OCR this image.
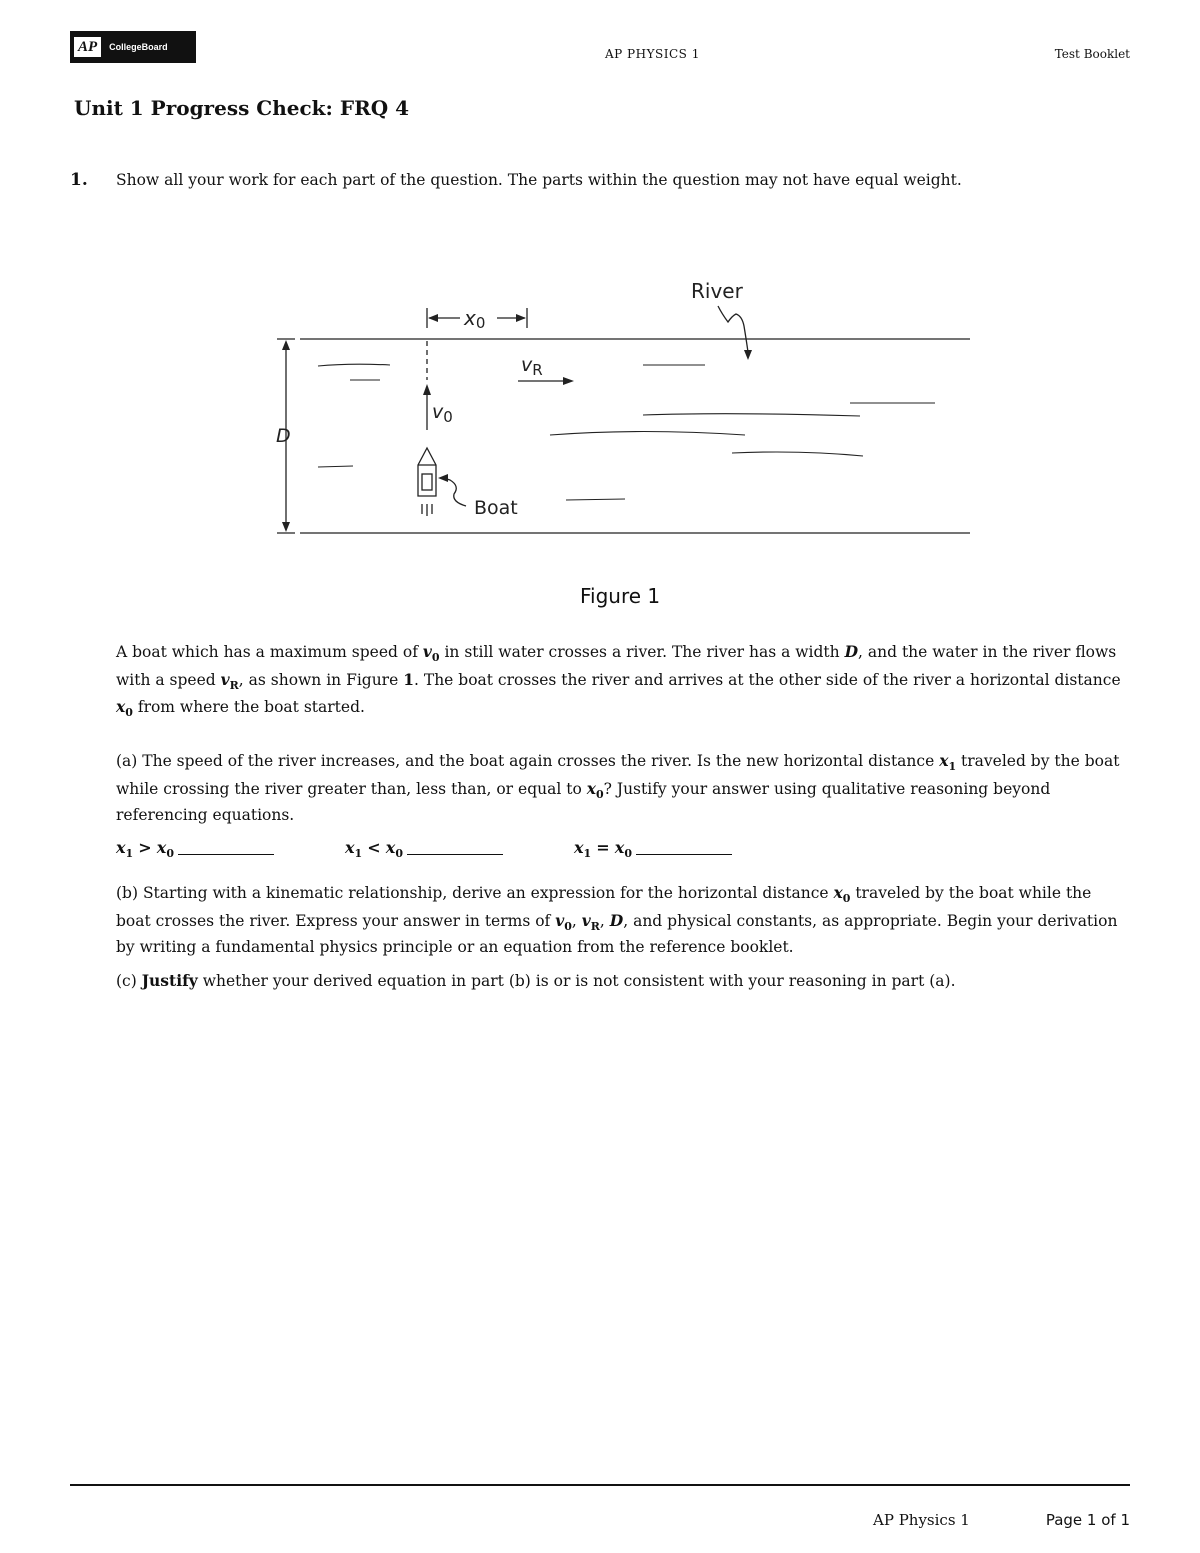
AP	CollegeBoard	AP PHYSICS 1	Test Booklet
Unit 1 Progress Check: FRQ 4
1. Show all your work for each part of the question. The parts within the question may not have equal weight.
River
x0
$v_R$
$v_0$
D
Boat
Figure 1

A boat which has a maximum speed of $v_0$ in still water crosses a river. The river has a width D, and the water in the river flows with a speed $v_R$, as shown in Figure 1. The boat crosses the river and arrives at the other side of the river a horizontal distance $x_0$ from where the boat started.

(a) The speed of the river increases, and the boat again crosses the river. Is the new horizontal distance $x_1$ traveled by the boat while crossing the river greater than, less than, or equal to $x_0$? Justify your answer using qualitative reasoning beyond referencing equations.

$x_1 > x_0$	$x_1 < x_0$	$x_1 = x_0$

(b) Starting with a kinematic relationship, derive an expression for the horizontal distance $x_0$ traveled by the boat while the boat crosses the river. Express your answer in terms of $v_0$, $v_R$, D, and physical constants, as appropriate. Begin your derivation by writing a fundamental physics principle or an equation from the reference booklet.

(c) Justify whether your derived equation in part (b) is or is not consistent with your reasoning in part (a).

AP Physics 1	Page 1 of 1
